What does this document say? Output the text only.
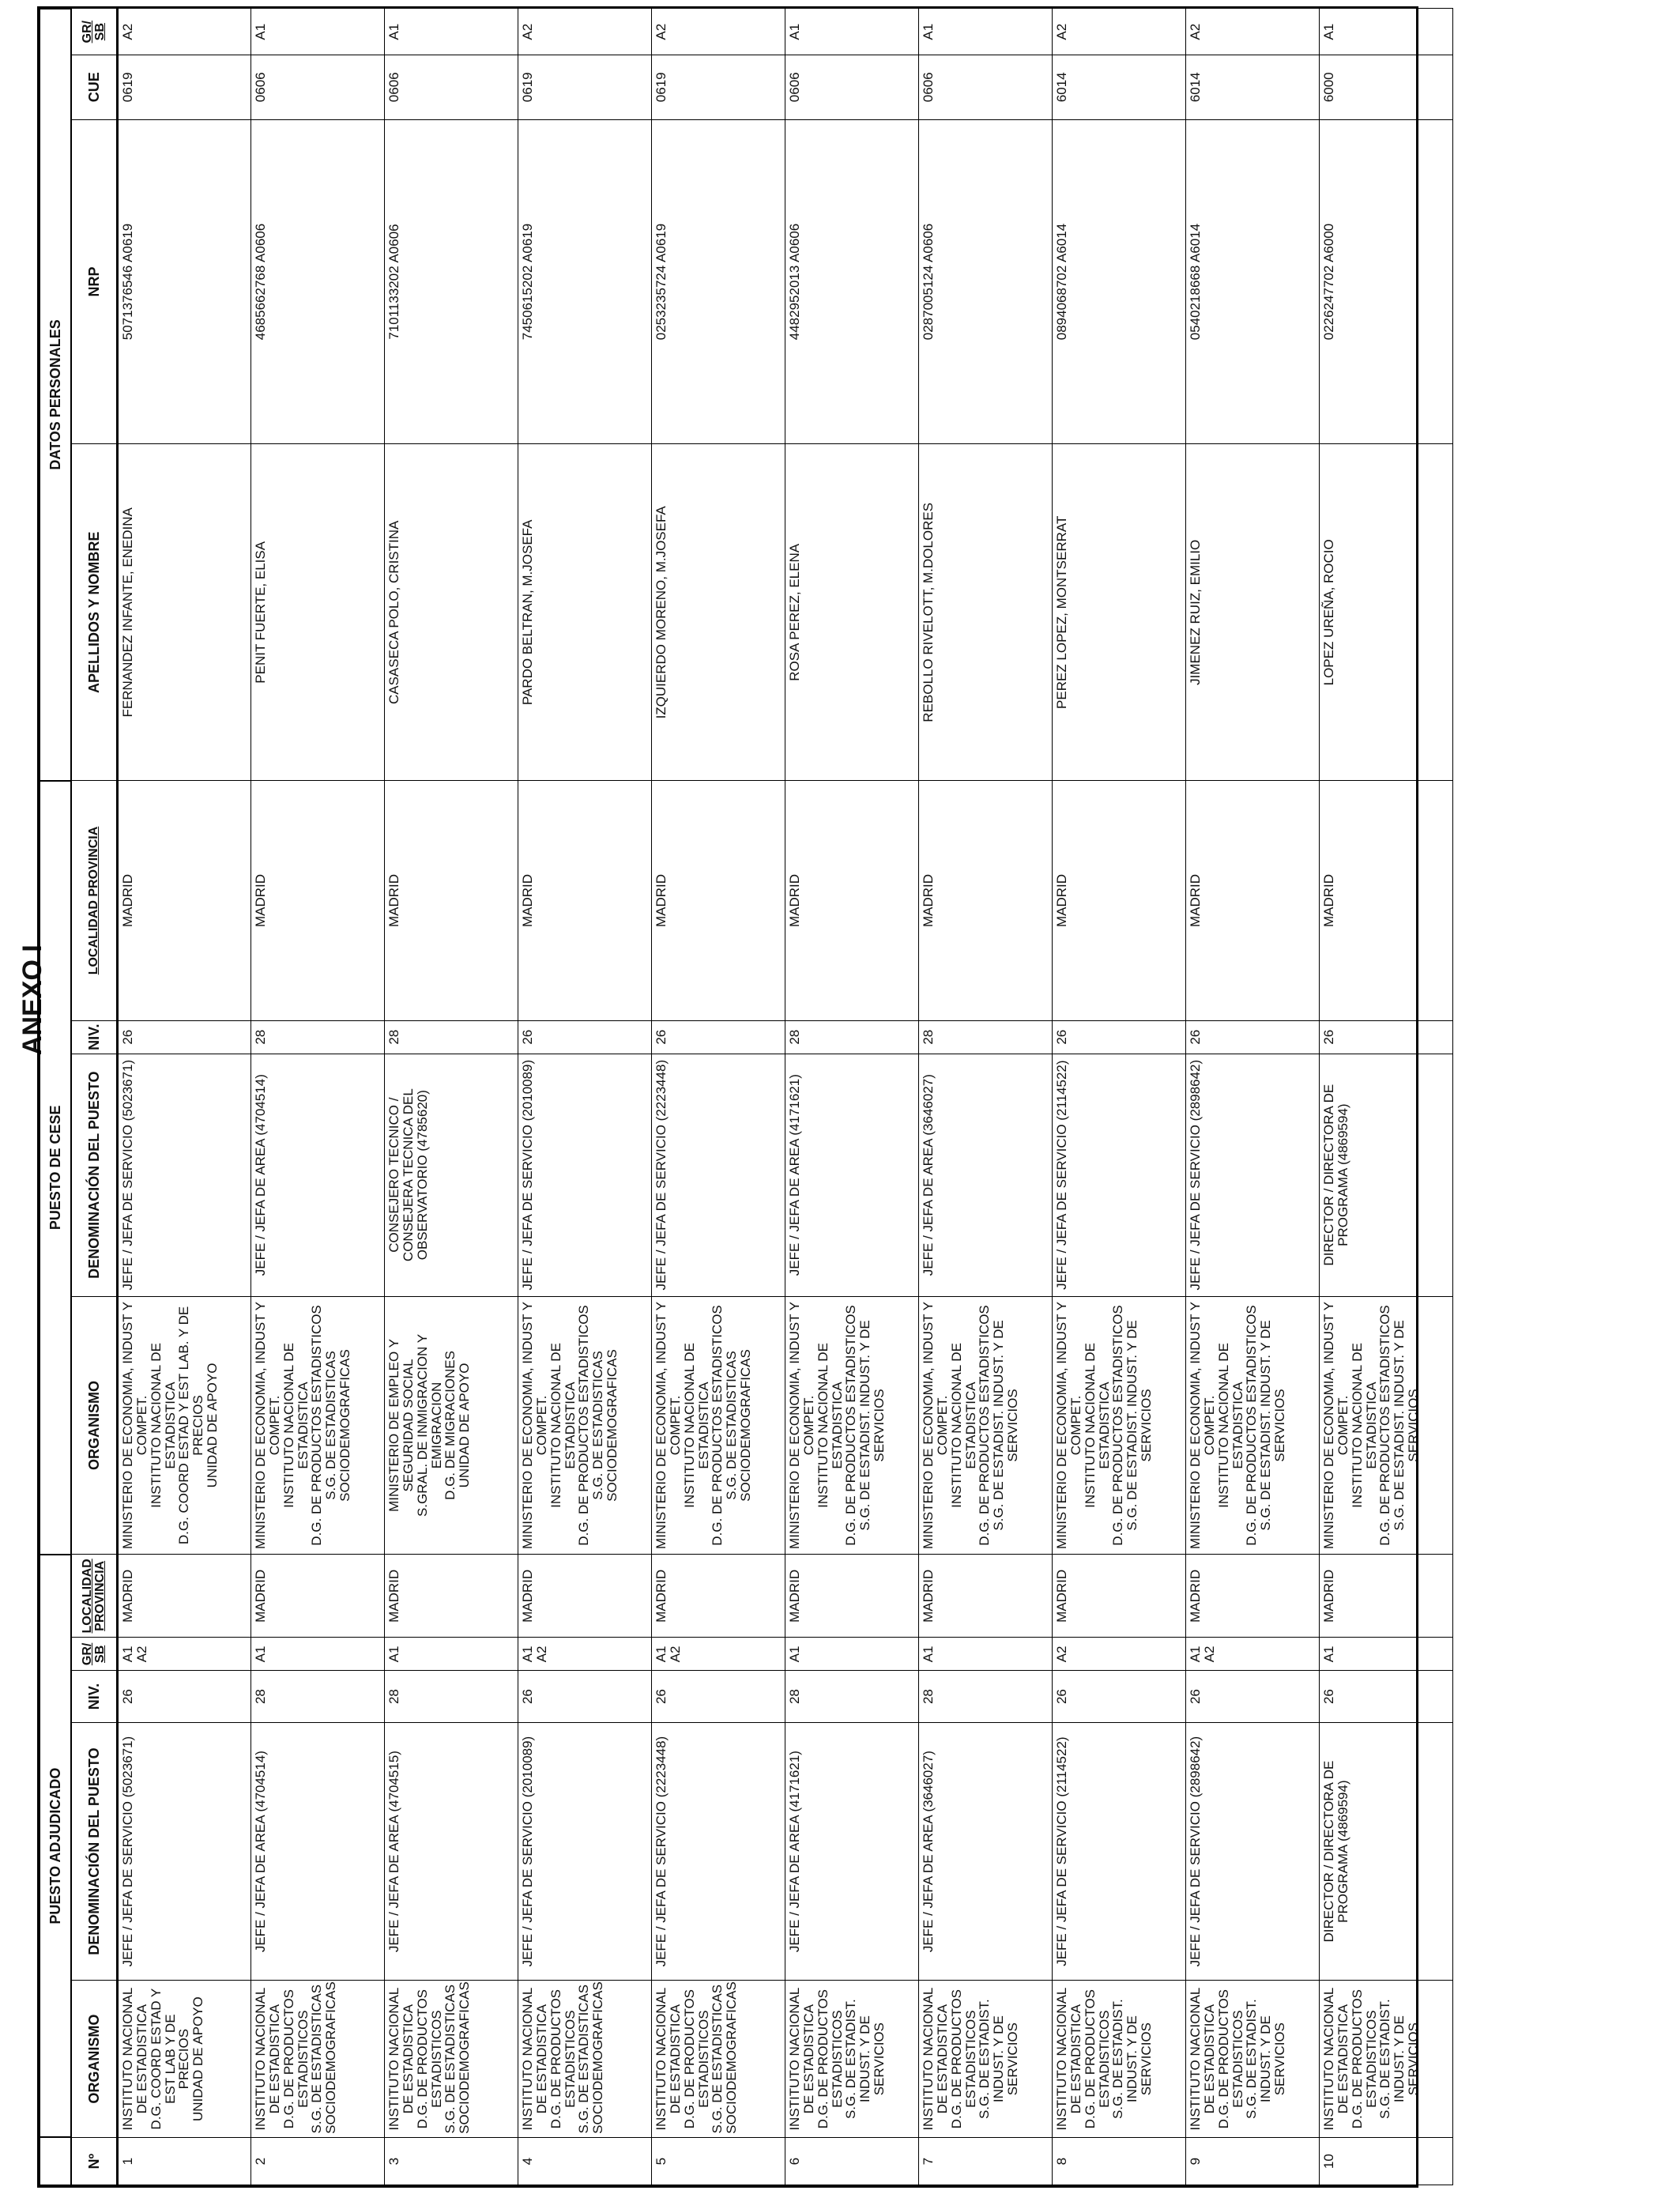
ANEXO I
	PUESTO ADJUDICADO					PUESTO DE CESE				DATOS PERSONALES			
Nº	ORGANISMO	DENOMINACIÓN DEL PUESTO	NIV.	GR/ SB	LOCALIDAD PROVINCIA	ORGANISMO	DENOMINACIÓN DEL PUESTO	NIV.	LOCALIDAD PROVINCIA	APELLIDOS Y NOMBRE	NRP	CUE	GR/ SB
1	INSTITUTO NACIONAL DE ESTADISTICA
D.G. COORD ESTAD Y EST LAB Y DE PRECIOS
UNIDAD DE APOYO	JEFE / JEFA DE SERVICIO (5023671)	26	A1 A2	MADRID	MINISTERIO DE ECONOMIA, INDUST Y COMPET.
INSTITUTO NACIONAL DE ESTADISTICA
D.G. COORD ESTAD Y EST LAB. Y DE PRECIOS
UNIDAD DE APOYO	JEFE / JEFA DE SERVICIO (5023671)	26	MADRID	FERNANDEZ INFANTE, ENEDINA	5071376546 A0619	0619	A2
2	INSTITUTO NACIONAL DE ESTADISTICA
D.G. DE PRODUCTOS ESTADISTICOS
S.G. DE ESTADISTICAS SOCIODEMOGRAFICAS	JEFE / JEFA DE AREA (4704514)	28	A1	MADRID	MINISTERIO DE ECONOMIA, INDUST Y COMPET.
INSTITUTO NACIONAL DE ESTADISTICA
D.G. DE PRODUCTOS ESTADISTICOS
S.G. DE ESTADISTICAS SOCIODEMOGRAFICAS	JEFE / JEFA DE AREA (4704514)	28	MADRID	PENIT FUERTE, ELISA	4685662768 A0606	0606	A1
3	INSTITUTO NACIONAL DE ESTADISTICA
D.G. DE PRODUCTOS ESTADISTICOS
S.G. DE ESTADISTICAS SOCIODEMOGRAFICAS	JEFE / JEFA DE AREA (4704515)	28	A1	MADRID	MINISTERIO DE EMPLEO Y SEGURIDAD SOCIAL
S.GRAL. DE INMIGRACION Y EMIGRACION
D.G. DE MIGRACIONES
UNIDAD DE APOYO	CONSEJERO TECNICO / CONSEJERA TECNICA DEL OBSERVATORIO (4785620)	28	MADRID	CASASECA POLO, CRISTINA	7101133202 A0606	0606	A1
4	INSTITUTO NACIONAL DE ESTADISTICA
D.G. DE PRODUCTOS ESTADISTICOS
S.G. DE ESTADISTICAS SOCIODEMOGRAFICAS	JEFE / JEFA DE SERVICIO (2010089)	26	A1 A2	MADRID	MINISTERIO DE ECONOMIA, INDUST Y COMPET.
INSTITUTO NACIONAL DE ESTADISTICA
D.G. DE PRODUCTOS ESTADISTICOS
S.G. DE ESTADISTICAS SOCIODEMOGRAFICAS	JEFE / JEFA DE SERVICIO (2010089)	26	MADRID	PARDO BELTRAN, M.JOSEFA	7450615202 A0619	0619	A2
5	INSTITUTO NACIONAL DE ESTADISTICA
D.G. DE PRODUCTOS ESTADISTICOS
S.G. DE ESTADISTICAS SOCIODEMOGRAFICAS	JEFE / JEFA DE SERVICIO (2223448)	26	A1 A2	MADRID	MINISTERIO DE ECONOMIA, INDUST Y COMPET.
INSTITUTO NACIONAL DE ESTADISTICA
D.G. DE PRODUCTOS ESTADISTICOS
S.G. DE ESTADISTICAS SOCIODEMOGRAFICAS	JEFE / JEFA DE SERVICIO (2223448)	26	MADRID	IZQUIERDO MORENO, M.JOSEFA	0253235724 A0619	0619	A2
6	INSTITUTO NACIONAL DE ESTADISTICA
D.G. DE PRODUCTOS ESTADISTICOS
S.G. DE ESTADIST. INDUST. Y DE SERVICIOS	JEFE / JEFA DE AREA (4171621)	28	A1	MADRID	MINISTERIO DE ECONOMIA, INDUST Y COMPET.
INSTITUTO NACIONAL DE ESTADISTICA
D.G. DE PRODUCTOS ESTADISTICOS
S.G. DE ESTADIST. INDUST. Y DE SERVICIOS	JEFE / JEFA DE AREA (4171621)	28	MADRID	ROSA PEREZ, ELENA	4482952013 A0606	0606	A1
7	INSTITUTO NACIONAL DE ESTADISTICA
D.G. DE PRODUCTOS ESTADISTICOS
S.G. DE ESTADIST. INDUST. Y DE SERVICIOS	JEFE / JEFA DE AREA (3646027)	28	A1	MADRID	MINISTERIO DE ECONOMIA, INDUST Y COMPET.
INSTITUTO NACIONAL DE ESTADISTICA
D.G. DE PRODUCTOS ESTADISTICOS
S.G. DE ESTADIST. INDUST. Y DE SERVICIOS	JEFE / JEFA DE AREA (3646027)	28	MADRID	REBOLLO RIVELOTT, M.DOLORES	0287005124 A0606	0606	A1
8	INSTITUTO NACIONAL DE ESTADISTICA
D.G. DE PRODUCTOS ESTADISTICOS
S.G. DE ESTADIST. INDUST. Y DE SERVICIOS	JEFE / JEFA DE SERVICIO (2114522)	26	A2	MADRID	MINISTERIO DE ECONOMIA, INDUST Y COMPET.
INSTITUTO NACIONAL DE ESTADISTICA
D.G. DE PRODUCTOS ESTADISTICOS
S.G. DE ESTADIST. INDUST. Y DE SERVICIOS	JEFE / JEFA DE SERVICIO (2114522)	26	MADRID	PEREZ LOPEZ, MONTSERRAT	0894068702 A6014	6014	A2
9	INSTITUTO NACIONAL DE ESTADISTICA
D.G. DE PRODUCTOS ESTADISTICOS
S.G. DE ESTADIST. INDUST. Y DE SERVICIOS	JEFE / JEFA DE SERVICIO (2898642)	26	A1 A2	MADRID	MINISTERIO DE ECONOMIA, INDUST Y COMPET.
INSTITUTO NACIONAL DE ESTADISTICA
D.G. DE PRODUCTOS ESTADISTICOS
S.G. DE ESTADIST. INDUST. Y DE SERVICIOS	JEFE / JEFA DE SERVICIO (2898642)	26	MADRID	JIMENEZ RUIZ, EMILIO	0540218668 A6014	6014	A2
10	INSTITUTO NACIONAL DE ESTADISTICA
D.G. DE PRODUCTOS ESTADISTICOS
S.G. DE ESTADIST. INDUST. Y DE SERVICIOS	DIRECTOR / DIRECTORA DE PROGRAMA (4869594)	26	A1	MADRID	MINISTERIO DE ECONOMIA, INDUST Y COMPET.
INSTITUTO NACIONAL DE ESTADISTICA
D.G. DE PRODUCTOS ESTADISTICOS
S.G. DE ESTADIST. INDUST. Y DE SERVICIOS	DIRECTOR / DIRECTORA DE PROGRAMA (4869594)	26	MADRID	LOPEZ UREÑA, ROCIO	0226247702 A6000	6000	A1
